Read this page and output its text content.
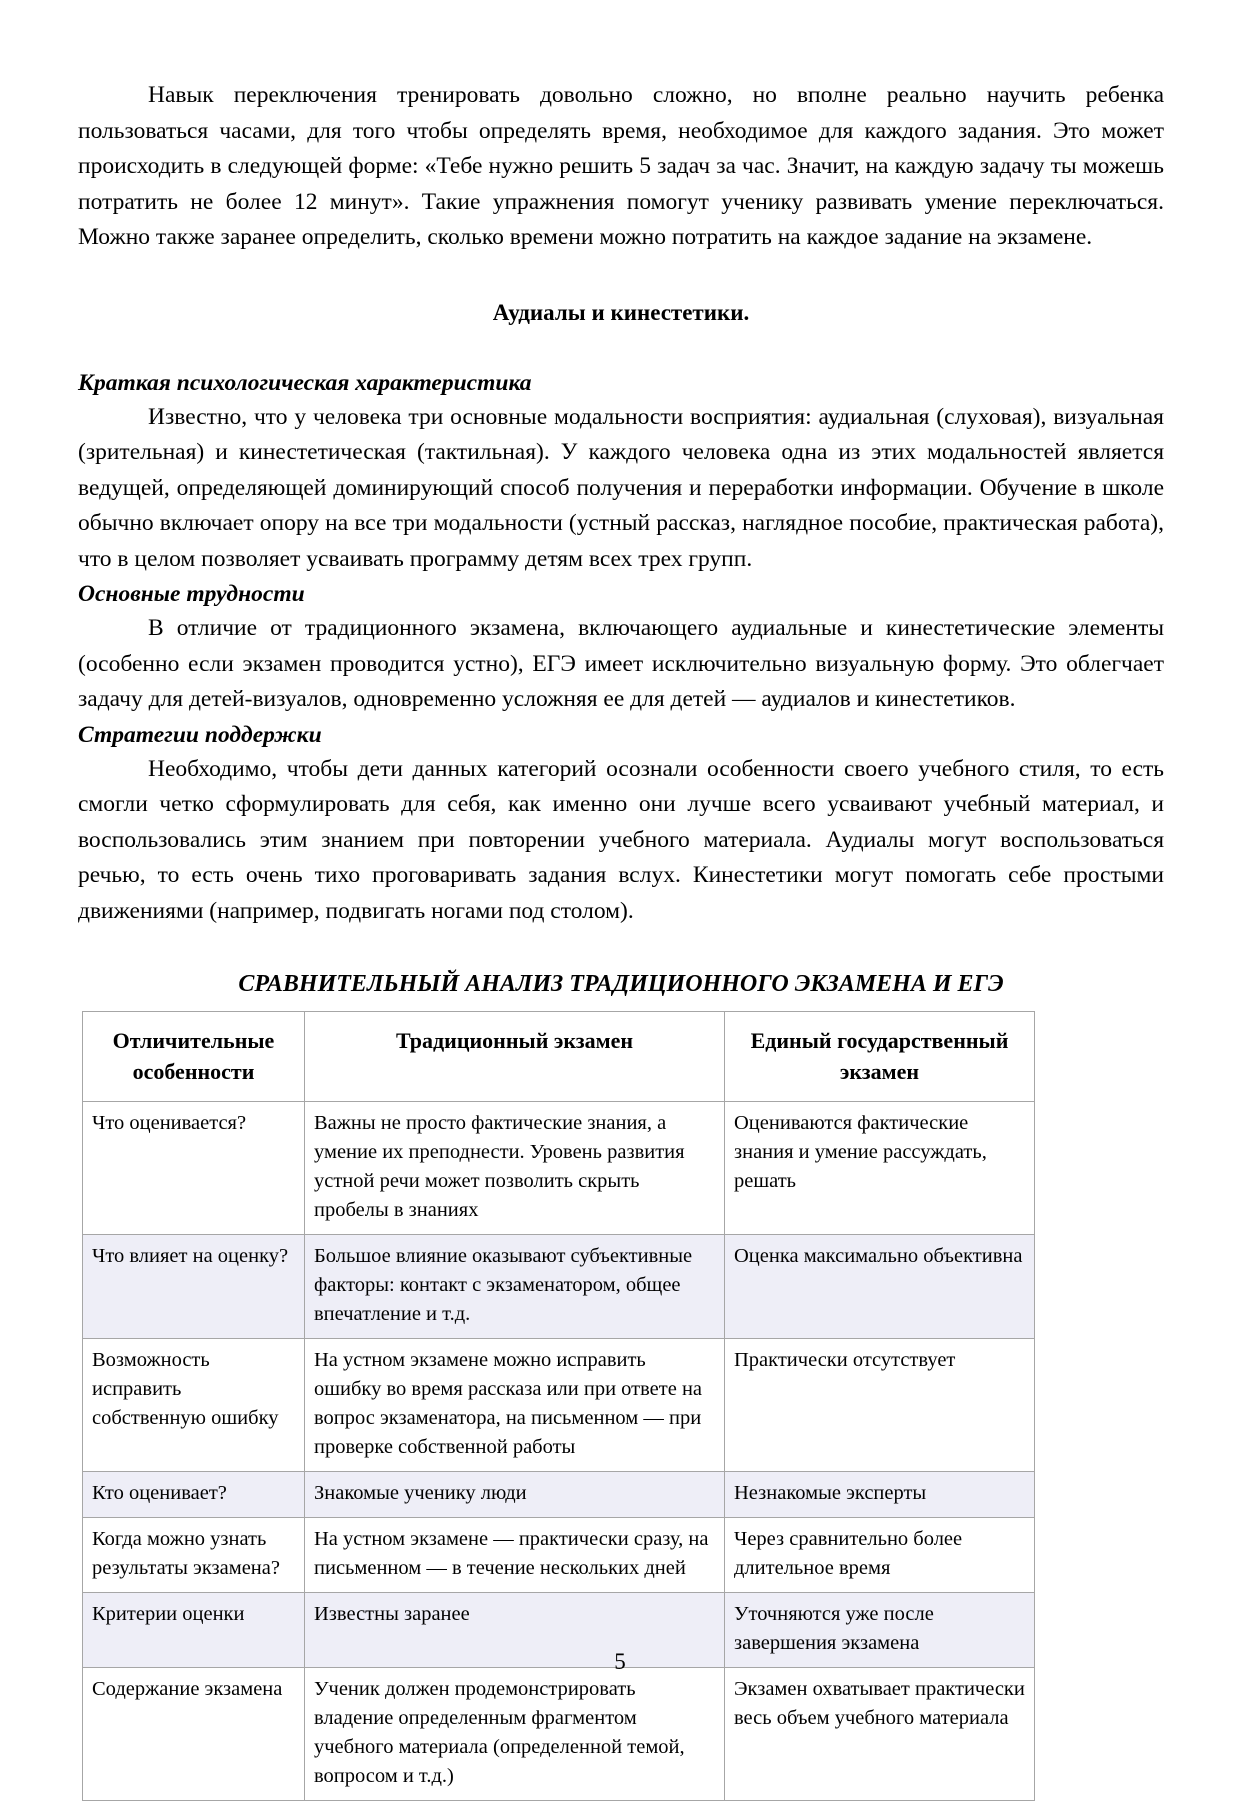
Навык переключения тренировать довольно сложно, но вполне реально научить ребенка пользоваться часами, для того чтобы определять время, необходимое для каждого задания. Это может происходить в следующей форме: «Тебе нужно решить 5 задач за час. Значит, на каждую задачу ты можешь потратить не более 12 минут». Такие упражнения помогут ученику развивать умение переключаться. Можно также заранее определить, сколько времени можно потратить на каждое задание на экзамене.

Аудиалы и кинестетики.
Краткая психологическая характеристика

Известно, что у человека три основные модальности восприятия: аудиальная (слуховая), визуальная (зрительная) и кинестетическая (тактильная). У каждого человека одна из этих модальностей является ведущей, определяющей доминирующий способ получения и переработки информации. Обучение в школе обычно включает опору на все три модальности (устный рассказ, наглядное пособие, практическая работа), что в целом позволяет усваивать программу детям всех трех групп.

Основные трудности

В отличие от традиционного экзамена, включающего аудиальные и кинестетические элементы (особенно если экзамен проводится устно), ЕГЭ имеет исключительно визуальную форму. Это облегчает задачу для детей-визуалов, одновременно усложняя ее для детей — аудиалов и кинестетиков.

Стратегии поддержки

Необходимо, чтобы дети данных категорий осознали особенности своего учебного стиля, то есть смогли четко сформулировать для себя, как именно они лучше всего усваивают учебный материал, и воспользовались этим знанием при повторении учебного материала. Аудиалы могут воспользоваться речью, то есть очень тихо проговаривать задания вслух. Кинестетики могут помогать себе простыми движениями (например, подвигать ногами под столом).

СРАВНИТЕЛЬНЫЙ АНАЛИЗ ТРАДИЦИОННОГО ЭКЗАМЕНА И ЕГЭ
Отличительные особенности	Традиционный экзамен	Единый государственный экзамен
Что оценивается?	Важны не просто фактические знания, а умение их преподнести. Уровень развития устной речи может позволить скрыть пробелы в знаниях	Оцениваются фактические знания и умение рассуждать, решать
Что влияет на оценку?	Большое влияние оказывают субъективные факторы: контакт с экзаменатором, общее впечатление и т.д.	Оценка максимально объективна
Возможность исправить собственную ошибку	На устном экзамене можно исправить ошибку во время рассказа или при ответе на вопрос экзаменатора, на письменном — при проверке собственной работы	Практически отсутствует
Кто оценивает?	Знакомые ученику люди	Незнакомые эксперты
Когда можно узнать результаты экзамена?	На устном экзамене — практически сразу, на письменном — в течение нескольких дней	Через сравнительно более длительное время
Критерии оценки	Известны заранее	Уточняются уже после завершения экзамена
Содержание экзамена	Ученик должен продемонстрировать владение определенным фрагментом учебного материала (определенной темой, вопросом и т.д.)	Экзамен охватывает практически весь объем учебного материала
5
